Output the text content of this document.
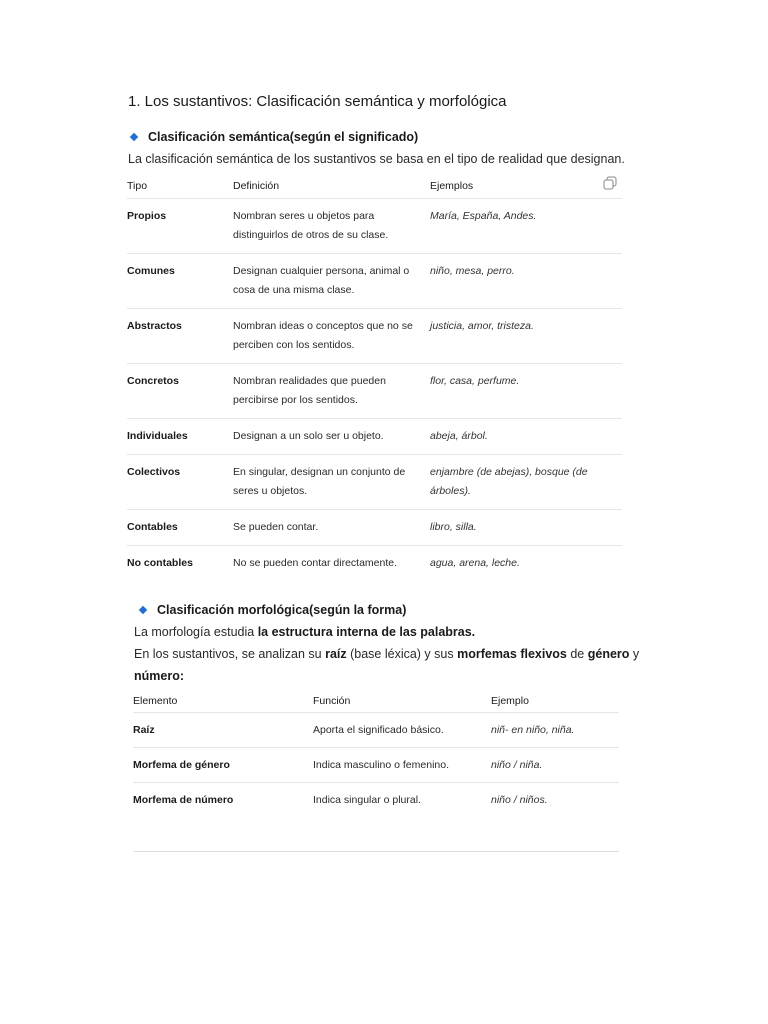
1. Los sustantivos: Clasificación semántica y morfológica
Clasificación semántica (según el significado)
La clasificación semántica de los sustantivos se basa en el tipo de realidad que designan.
Tipo	Definición	Ejemplos
Propios	Nombran seres u objetos para distinguirlos de otros de su clase.	María, España, Andes.
Comunes	Designan cualquier persona, animal o cosa de una misma clase.	niño, mesa, perro.
Abstractos	Nombran ideas o conceptos que no se perciben con los sentidos.	justicia, amor, tristeza.
Concretos	Nombran realidades que pueden percibirse por los sentidos.	flor, casa, perfume.
Individuales	Designan a un solo ser u objeto.	abeja, árbol.
Colectivos	En singular, designan un conjunto de seres u objetos.	enjambre (de abejas), bosque (de árboles).
Contables	Se pueden contar.	libro, silla.
No contables	No se pueden contar directamente.	agua, arena, leche.
Clasificación morfológica (según la forma)
La morfología estudia la estructura interna de las palabras.
En los sustantivos, se analizan su raíz (base léxica) y sus morfemas flexivos de género y
número:
Elemento	Función	Ejemplo
Raíz	Aporta el significado básico.	niñ- en niño, niña.
Morfema de género	Indica masculino o femenino.	niño / niña.
Morfema de número	Indica singular o plural.	niño / niños.
